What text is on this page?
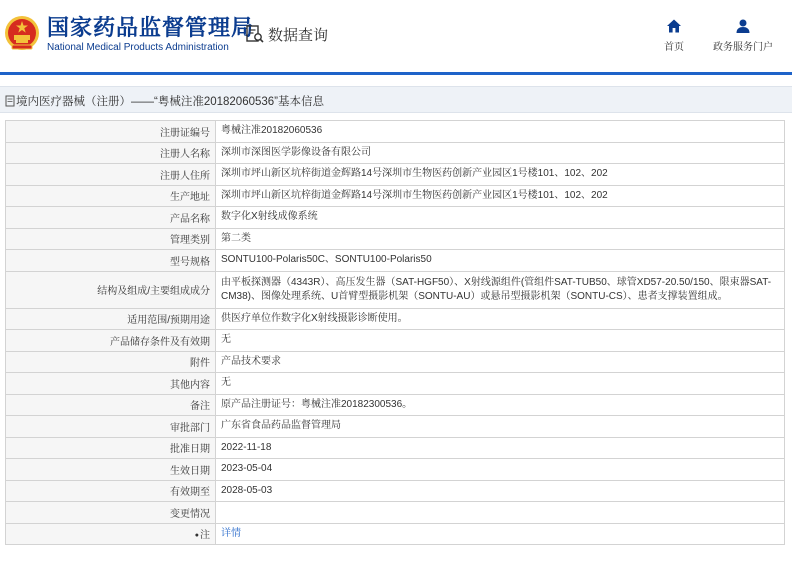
国家药品监督管理局
National Medical Products Administration
数据查询
首页	政务服务门户
境内医疗器械（注册）——“粤械注准20182060536”基本信息
注册证编号	粤械注准20182060536
注册人名称	深圳市深图医学影像设备有限公司
注册人住所	深圳市坪山新区坑梓街道金辉路14号深圳市生物医药创新产业园区1号楼101、102、202
生产地址	深圳市坪山新区坑梓街道金辉路14号深圳市生物医药创新产业园区1号楼101、102、202
产品名称	数字化X射线成像系统
管理类别	第二类
型号规格	SONTU100-Polaris50C、SONTU100-Polaris50
结构及组成/主要组成成分	由平板探测器（4343R）、高压发生器（SAT-HGF50）、X射线源组件(管组件SAT-TUB50、球管XD57-20.50/150、限束器SAT-CM38)、图像处理系统、U首臂型摄影机架（SONTU-AU）或悬吊型摄影机架（SONTU-CS）、患者支撑装置组成。
适用范围/预期用途	供医疗单位作数字化X射线摄影诊断使用。
产品储存条件及有效期	无
附件	产品技术要求
其他内容	无
备注	原产品注册证号：粤械注准20182300536。
审批部门	广东省食品药品监督管理局
批准日期	2022-11-18
生效日期	2023-05-04
有效期至	2028-05-03
变更情况	
●注	详情
